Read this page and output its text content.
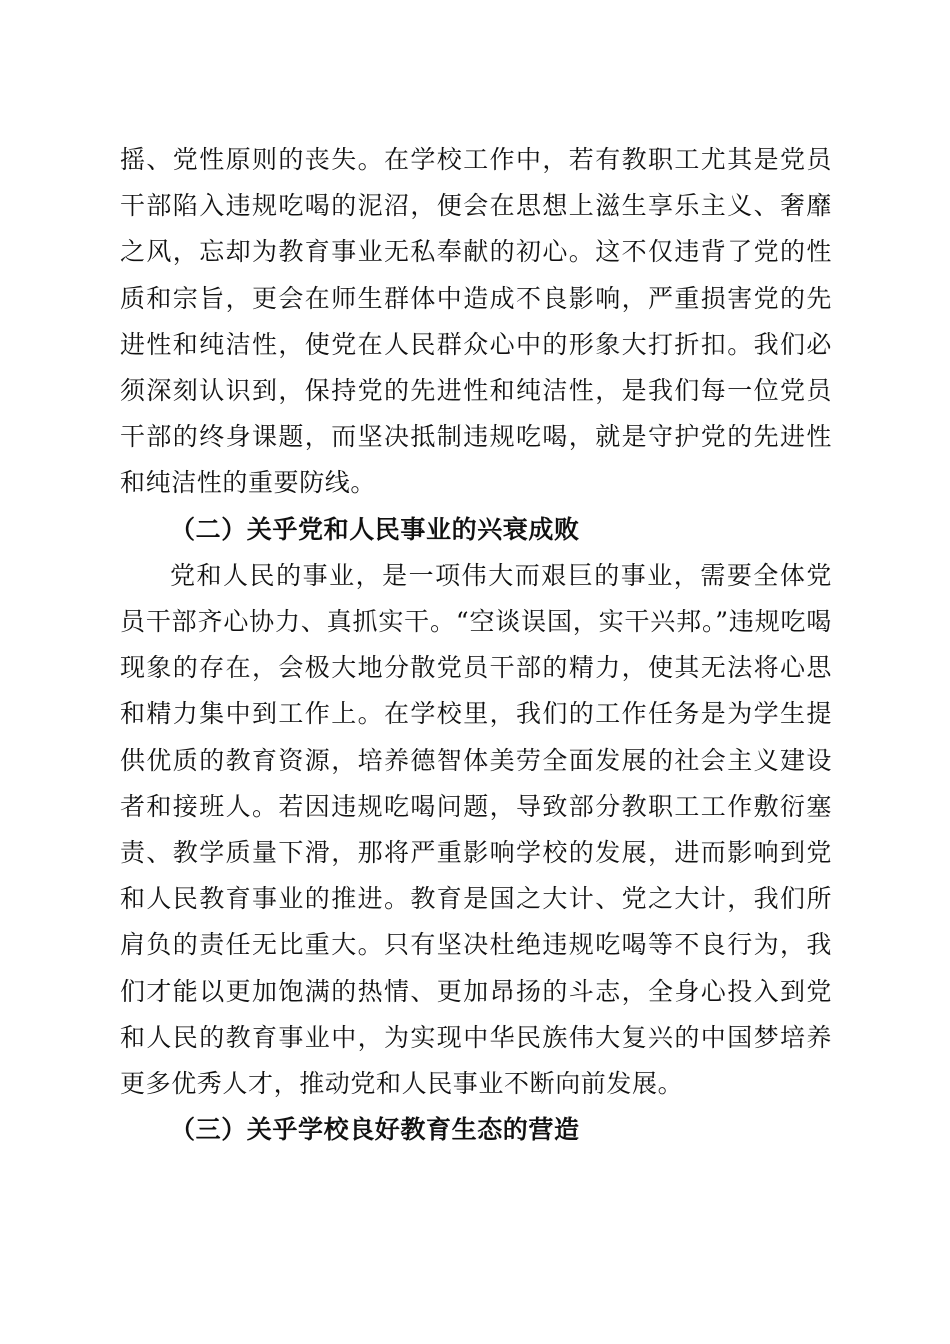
摇、党性原则的丧失。在学校工作中，若有教职工尤其是党员干部陷入违规吃喝的泥沼，便会在思想上滋生享乐主义、奢靡之风，忘却为教育事业无私奉献的初心。这不仅违背了党的性质和宗旨，更会在师生群体中造成不良影响，严重损害党的先进性和纯洁性，使党在人民群众心中的形象大打折扣。我们必须深刻认识到，保持党的先进性和纯洁性，是我们每一位党员干部的终身课题，而坚决抵制违规吃喝，就是守护党的先进性和纯洁性的重要防线。

（二）关乎党和人民事业的兴衰成败

党和人民的事业，是一项伟大而艰巨的事业，需要全体党员干部齐心协力、真抓实干。“空谈误国，实干兴邦。”违规吃喝现象的存在，会极大地分散党员干部的精力，使其无法将心思和精力集中到工作上。在学校里，我们的工作任务是为学生提供优质的教育资源，培养德智体美劳全面发展的社会主义建设者和接班人。若因违规吃喝问题，导致部分教职工工作敷衍塞责、教学质量下滑，那将严重影响学校的发展，进而影响到党和人民教育事业的推进。教育是国之大计、党之大计，我们所肩负的责任无比重大。只有坚决杜绝违规吃喝等不良行为，我们才能以更加饱满的热情、更加昂扬的斗志，全身心投入到党和人民的教育事业中，为实现中华民族伟大复兴的中国梦培养更多优秀人才，推动党和人民事业不断向前发展。

（三）关乎学校良好教育生态的营造
